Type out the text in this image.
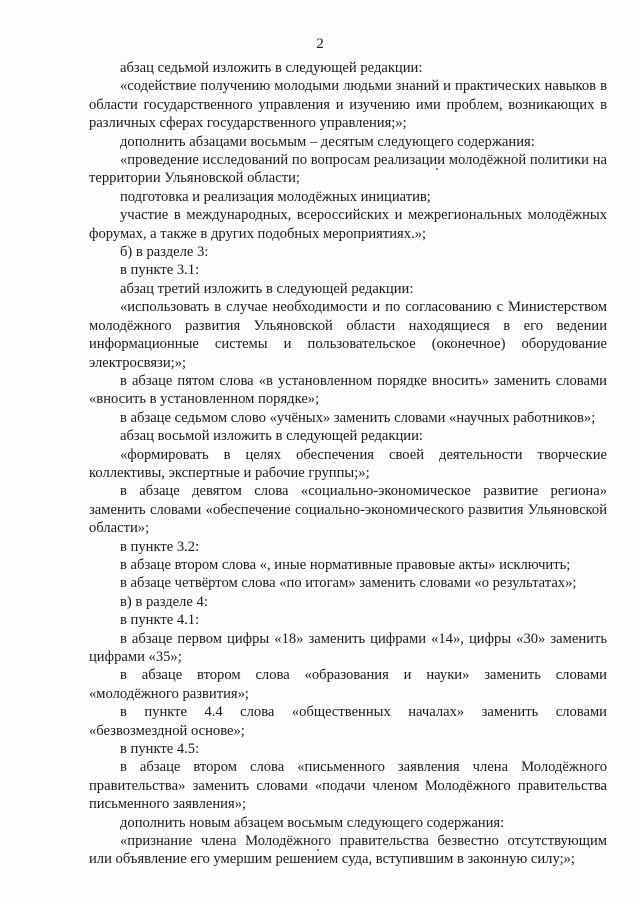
2

абзац седьмой изложить в следующей редакции:

«содействие получению молодыми людьми знаний и практических навыков в области государственного управления и изучению ими проблем, возникающих в различных сферах государственного управления;»;

дополнить абзацами восьмым – десятым следующего содержания:

«проведение исследований по вопросам реализации молодёжной политики на территории Ульяновской области;

подготовка и реализация молодёжных инициатив;

участие в международных, всероссийских и межрегиональных молодёжных форумах, а также в других подобных мероприятиях.»;

б) в разделе 3:

в пункте 3.1:

абзац третий изложить в следующей редакции:

«использовать в случае необходимости и по согласованию с Министерством молодёжного развития Ульяновской области находящиеся в его ведении информационные системы и пользовательское (оконечное) оборудование электросвязи;»;

в абзаце пятом слова «в установленном порядке вносить» заменить словами «вносить в установленном порядке»;

в абзаце седьмом слово «учёных» заменить словами «научных работников»;

абзац восьмой изложить в следующей редакции:

«формировать в целях обеспечения своей деятельности творческие коллективы, экспертные и рабочие группы;»;

в абзаце девятом слова «социально-экономическое развитие региона» заменить словами «обеспечение социально-экономического развития Ульяновской области»;

в пункте 3.2:

в абзаце втором слова «, иные нормативные правовые акты» исключить;

в абзаце четвёртом слова «по итогам» заменить словами «о результатах»;

в) в разделе 4:

в пункте 4.1:

в абзаце первом цифры «18» заменить цифрами «14», цифры «30» заменить цифрами «35»;

в абзаце втором слова «образования и науки» заменить словами «молодёжного развития»;

в пункте 4.4 слова «общественных началах» заменить словами «безвозмездной основе»;

в пункте 4.5:

в абзаце втором слова «письменного заявления члена Молодёжного правительства» заменить словами «подачи членом Молодёжного правительства письменного заявления»;

дополнить новым абзацем восьмым следующего содержания:

«признание члена Молодёжного правительства безвестно отсутствующим или объявление его умершим решением суда, вступившим в законную силу;»;
